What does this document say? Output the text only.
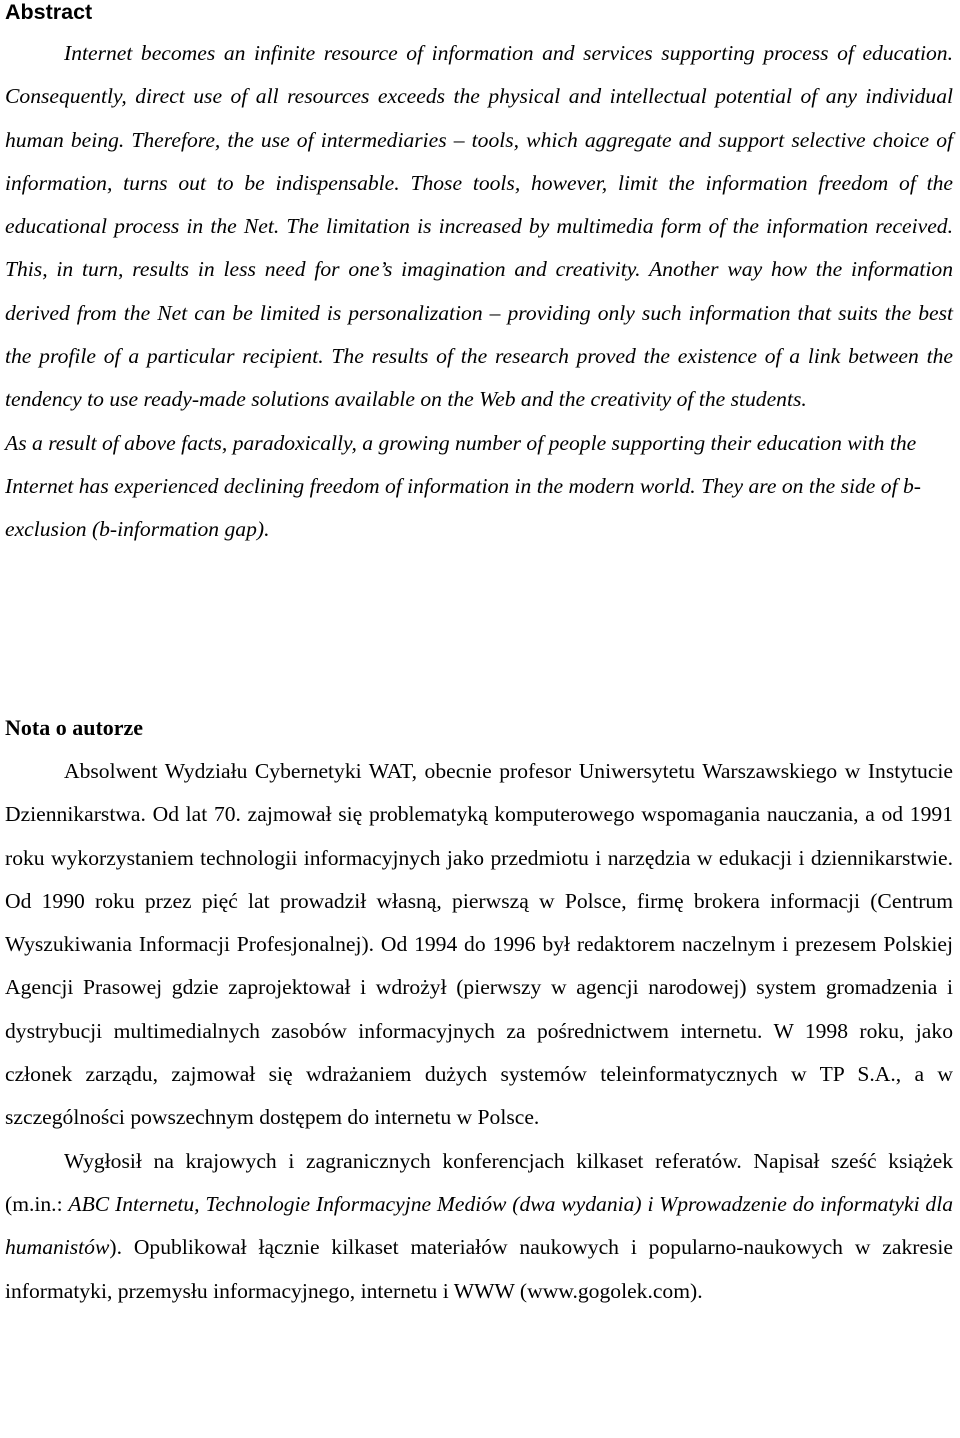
Abstract

Internet becomes an infinite resource of information and services supporting process of education. Consequently, direct use of all resources exceeds the physical and intellectual potential of any individual human being. Therefore, the use of intermediaries – tools, which aggregate and support selective choice of information, turns out to be indispensable. Those tools, however, limit the information freedom of the educational process in the Net. The limitation is increased by multimedia form of the information received. This, in turn, results in less need for one’s imagination and creativity. Another way how the information derived from the Net can be limited is personalization – providing only such information that suits the best the profile of a particular recipient. The results of the research proved the existence of a link between the tendency to use ready-made solutions available on the Web and the creativity of the students.

As a result of above facts, paradoxically, a growing number of people supporting their education with the Internet has experienced declining freedom of information in the modern world. They are on the side of b-exclusion (b-information gap).

Nota o autorze

Absolwent Wydziału Cybernetyki WAT, obecnie profesor Uniwersytetu Warszawskiego w Instytucie Dziennikarstwa. Od lat 70. zajmował się problematyką komputerowego wspomagania nauczania, a od 1991 roku wykorzystaniem technologii informacyjnych jako przedmiotu i narzędzia w edukacji i dziennikarstwie. Od 1990 roku przez pięć lat prowadził własną, pierwszą w Polsce, firmę brokera informacji (Centrum Wyszukiwania Informacji Profesjonalnej). Od 1994 do 1996 był redaktorem naczelnym i prezesem Polskiej Agencji Prasowej gdzie zaprojektował i wdrożył (pierwszy w agencji narodowej) system gromadzenia i dystrybucji multimedialnych zasobów informacyjnych za pośrednictwem internetu. W 1998 roku, jako członek zarządu, zajmował się wdrażaniem dużych systemów teleinformatycznych w TP S.A., a w szczególności powszechnym dostępem do internetu w Polsce.

Wygłosił na krajowych i zagranicznych konferencjach kilkaset referatów. Napisał sześć książek (m.in.: ABC Internetu, Technologie Informacyjne Mediów (dwa wydania) i Wprowadzenie do informatyki dla humanistów). Opublikował łącznie kilkaset materiałów naukowych i popularno-naukowych w zakresie informatyki, przemysłu informacyjnego, internetu i WWW (www.gogolek.com).
